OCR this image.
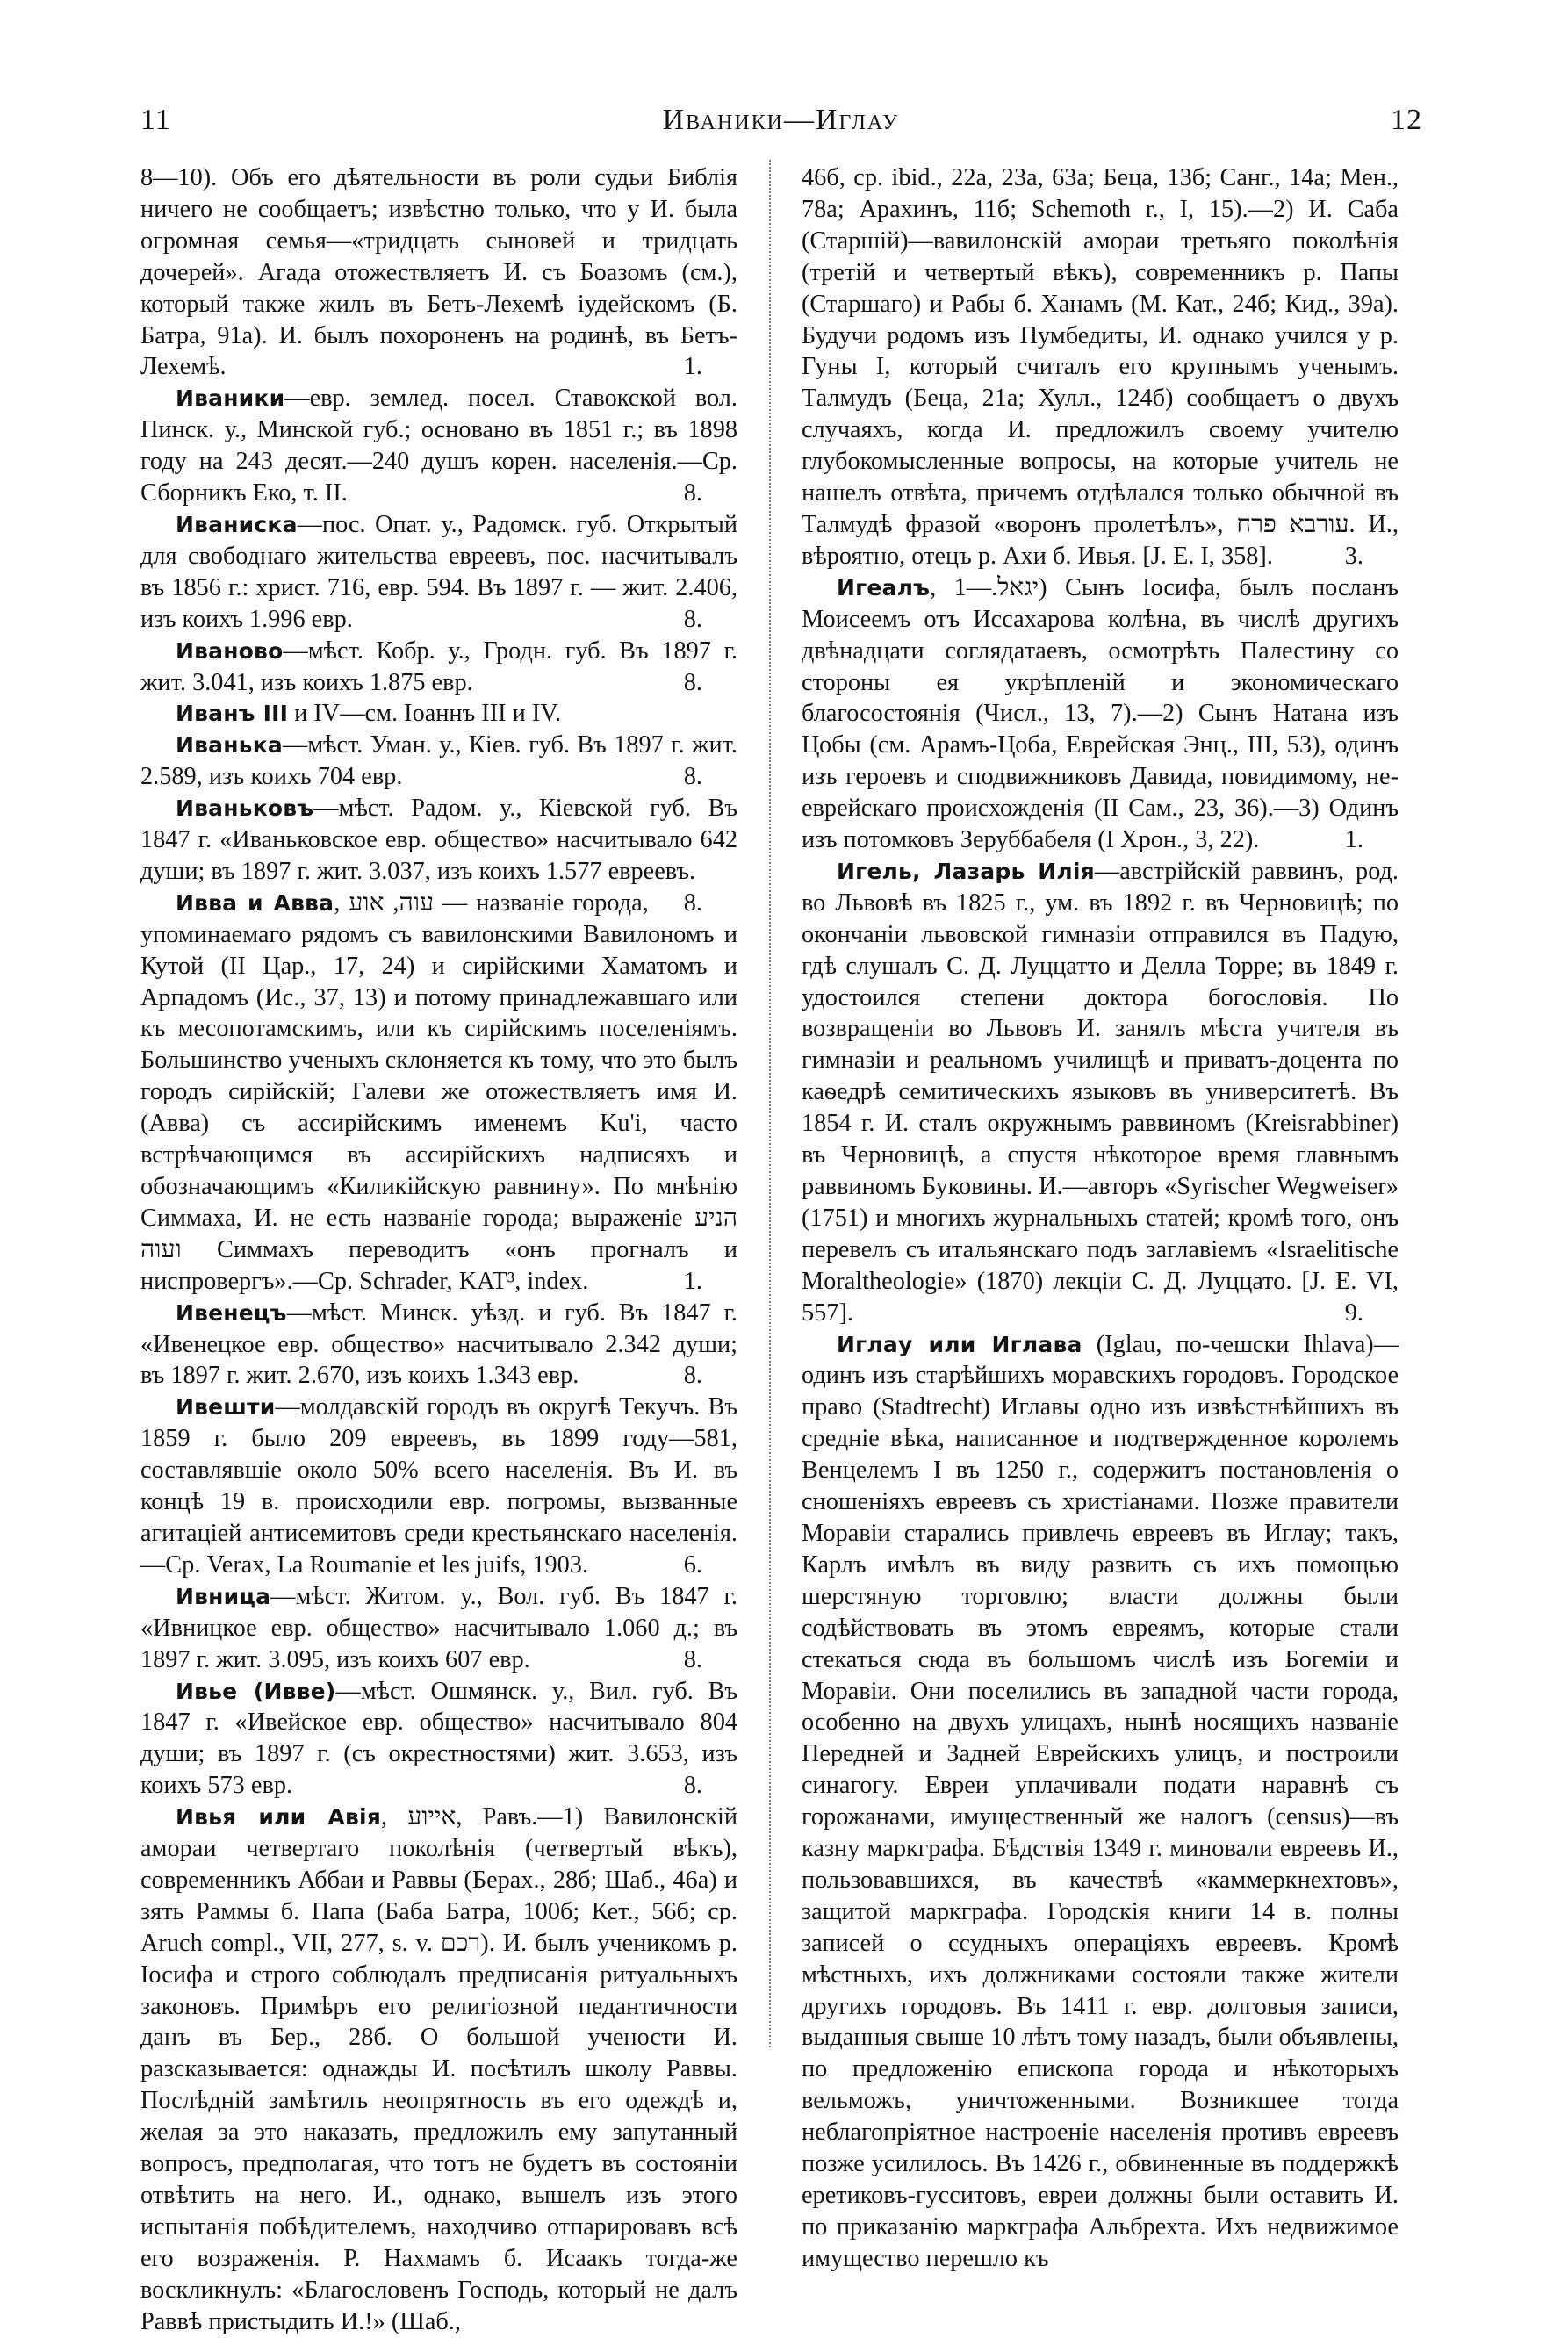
11	Иваники—Иглау	12

8—10). Объ его дѣятельности въ роли судьи Библія ничего не сообщаетъ; извѣстно только, что у И. была огромная семья—«тридцать сыновей и тридцать дочерей». Агада отожествляетъ И. съ Боазомъ (см.), который также жилъ въ Бетъ-Лехемѣ іудейскомъ (Б. Батра, 91а). И. былъ похороненъ на родинѣ, въ Бетъ-Лехемѣ.	1.

Иваники—евр. землед. посел. Ставокской вол. Пинск. у., Минской губ.; основано въ 1851 г.; въ 1898 году на 243 десят.—240 душъ корен. населенія.—Ср. Сборникъ Еко, т. II.	8.

Иваниска—пос. Опат. у., Радомск. губ. Открытый для свободнаго жительства евреевъ, пос. насчитывалъ въ 1856 г.: христ. 716, евр. 594. Въ 1897 г. — жит. 2.406, изъ коихъ 1.996 евр.	8.

Иваново—мѣст. Кобр. у., Гродн. губ. Въ 1897 г. жит. 3.041, изъ коихъ 1.875 евр.	8.

Иванъ III и IV—см. Іоаннъ III и IV.

Иванька—мѣст. Уман. у., Кіев. губ. Въ 1897 г. жит. 2.589, изъ коихъ 704 евр.	8.

Иваньковъ—мѣст. Радом. у., Кіевской губ. Въ 1847 г. «Иваньковское евр. общество» насчитывало 642 души; въ 1897 г. жит. 3.037, изъ коихъ 1.577 евреевъ.
8.

Ивва и Авва, עוה, אוע — названіе города, упоминаемаго рядомъ съ вавилонскими Вавилономъ и Кутой (II Цар., 17, 24) и сирійскими Хаматомъ и Арпадомъ (Ис., 37, 13) и потому принадлежавшаго или къ месопотамскимъ, или къ сирійскимъ поселеніямъ. Большинство ученыхъ склоняется къ тому, что это былъ городъ сирійскій; Галеви же отожествляетъ имя И. (Авва) съ ассирійскимъ именемъ Ku'i, часто встрѣчающимся въ ассирійскихъ надписяхъ и обозначающимъ «Киликійскую равнину». По мнѣнію Симмаха, И. не есть названіе города; выраженіе הניע ועוה Симмахъ переводитъ «онъ прогналъ и ниспровергъ».—Ср. Schrader, KAT³, index.	1.

Ивенецъ—мѣст. Минск. уѣзд. и губ. Въ 1847 г. «Ивенецкое евр. общество» насчитывало 2.342 души; въ 1897 г. жит. 2.670, изъ коихъ 1.343 евр.	8.

Ивешти—молдавскій городъ въ округѣ Текучъ. Въ 1859 г. было 209 евреевъ, въ 1899 году—581, составлявшіе около 50% всего населенія. Въ И. въ концѣ 19 в. происходили евр. погромы, вызванные агитаціей антисемитовъ среди крестьянскаго населенія.—Ср. Verax, La Roumanie et les juifs, 1903.	6.

Ивница—мѣст. Житом. у., Вол. губ. Въ 1847 г. «Ивницкое евр. общество» насчитывало 1.060 д.; въ 1897 г. жит. 3.095, изъ коихъ 607 евр.	8.

Ивье (Ивве)—мѣст. Ошмянск. у., Вил. губ. Въ 1847 г. «Ивейское евр. общество» насчитывало 804 души; въ 1897 г. (съ окрестностями) жит. 3.653, изъ коихъ 573 евр.	8.

Ивья или Авія, אייוע, Равъ.—1) Вавилонскій амораи четвертаго поколѣнія (четвертый вѣкъ), современникъ Аббаи и Раввы (Берах., 28б; Шаб., 46а) и зять Раммы б. Папа (Баба Батра, 100б; Кет., 56б; ср. Aruch compl., VII, 277, s. v. רכם). И. былъ ученикомъ р. Іосифа и строго соблюдалъ предписанія ритуальныхъ законовъ. Примѣръ его религіозной педантичности данъ въ Бер., 28б. О большой учености И. разсказывается: однажды И. посѣтилъ школу Раввы. Послѣдній замѣтилъ неопрятность въ его одеждѣ и, желая за это наказать, предложилъ ему запутанный вопросъ, предполагая, что тотъ не будетъ въ состояніи отвѣтить на него. И., однако, вышелъ изъ этого испытанія побѣдителемъ, находчиво отпарировавъ всѣ его возраженія. Р. Нахмамъ б. Исаакъ тогда-же воскликнулъ: «Благословенъ Господь, который не далъ Раввѣ пристыдить И.!» (Шаб.,

46б, ср. ibid., 22а, 23а, 63а; Беца, 13б; Санг., 14а; Мен., 78а; Арахинъ, 11б; Schemoth r., I, 15).—2) И. Саба (Старшій)—вавилонскій амораи третьяго поколѣнія (третій и четвертый вѣкъ), современникъ р. Папы (Старшаго) и Рабы б. Ханамъ (М. Кат., 24б; Кид., 39а). Будучи родомъ изъ Пумбедиты, И. однако учился у р. Гуны I, который считалъ его крупнымъ ученымъ. Талмудъ (Беца, 21а; Хулл., 124б) сообщаетъ о двухъ случаяхъ, когда И. предложилъ своему учителю глубокомысленные вопросы, на которые учитель не нашелъ отвѣта, причемъ отдѣлался только обычной въ Талмудѣ фразой «воронъ пролетѣлъ», עורבא פרח. И., вѣроятно, отецъ р. Ахи б. Ивья. [J. E. I, 358].	3.

Игеалъ, יגאל.—1) Сынъ Іосифа, былъ посланъ Моисеемъ отъ Иссахарова колѣна, въ числѣ другихъ двѣнадцати соглядатаевъ, осмотрѣть Палестину со стороны ея укрѣпленій и экономическаго благосостоянія (Числ., 13, 7).—2) Сынъ Натана изъ Цобы (см. Арамъ-Цоба, Еврейская Энц., III, 53), одинъ изъ героевъ и сподвижниковъ Давида, повидимому, не-еврейскаго происхожденія (II Сам., 23, 36).—3) Одинъ изъ потомковъ Зеруббабеля (I Хрон., 3, 22).	1.

Игель, Лазарь Илія—австрійскій раввинъ, род. во Львовѣ въ 1825 г., ум. въ 1892 г. въ Черновицѣ; по окончаніи львовской гимназіи отправился въ Падую, гдѣ слушалъ С. Д. Луццатто и Делла Торре; въ 1849 г. удостоился степени доктора богословія. По возвращеніи во Львовъ И. занялъ мѣста учителя въ гимназіи и реальномъ училищѣ и приватъ-доцента по каѳедрѣ семитическихъ языковъ въ университетѣ. Въ 1854 г. И. сталъ окружнымъ раввиномъ (Kreisrabbiner) въ Черновицѣ, а спустя нѣкоторое время главнымъ раввиномъ Буковины. И.—авторъ «Syrischer Wegweiser» (1751) и многихъ журнальныхъ статей; кромѣ того, онъ перевелъ съ итальянскаго подъ заглавіемъ «Israelitische Moraltheologie» (1870) лекціи С. Д. Луццато. [J. E. VI, 557].	9.

Иглау или Иглава (Iglau, по-чешски Ihlava)—одинъ изъ старѣйшихъ моравскихъ городовъ. Городское право (Stadtrecht) Иглавы одно изъ извѣстнѣйшихъ въ средніе вѣка, написанное и подтвержденное королемъ Венцелемъ I въ 1250 г., содержитъ постановленія о сношеніяхъ евреевъ съ христіанами. Позже правители Моравіи старались привлечь евреевъ въ Иглау; такъ, Карлъ имѣлъ въ виду развить съ ихъ помощью шерстяную торговлю; власти должны были содѣйствовать въ этомъ евреямъ, которые стали стекаться сюда въ большомъ числѣ изъ Богеміи и Моравіи. Они поселились въ западной части города, особенно на двухъ улицахъ, нынѣ носящихъ названіе Передней и Задней Еврейскихъ улицъ, и построили синагогу. Евреи уплачивали подати наравнѣ съ горожанами, имущественный же налогъ (census)—въ казну маркграфа. Бѣдствія 1349 г. миновали евреевъ И., пользовавшихся, въ качествѣ «каммеркнехтовъ», защитой маркграфа. Городскія книги 14 в. полны записей о ссудныхъ операціяхъ евреевъ. Кромѣ мѣстныхъ, ихъ должниками состояли также жители другихъ городовъ. Въ 1411 г. евр. долговыя записи, выданныя свыше 10 лѣтъ тому назадъ, были объявлены, по предложенію епископа города и нѣкоторыхъ вельможъ, уничтоженными. Возникшее тогда неблагопріятное настроеніе населенія противъ евреевъ позже усилилось. Въ 1426 г., обвиненные въ поддержкѣ еретиковъ-гусситовъ, евреи должны были оставить И. по приказанію маркграфа Альбрехта. Ихъ недвижимое имущество перешло къ
